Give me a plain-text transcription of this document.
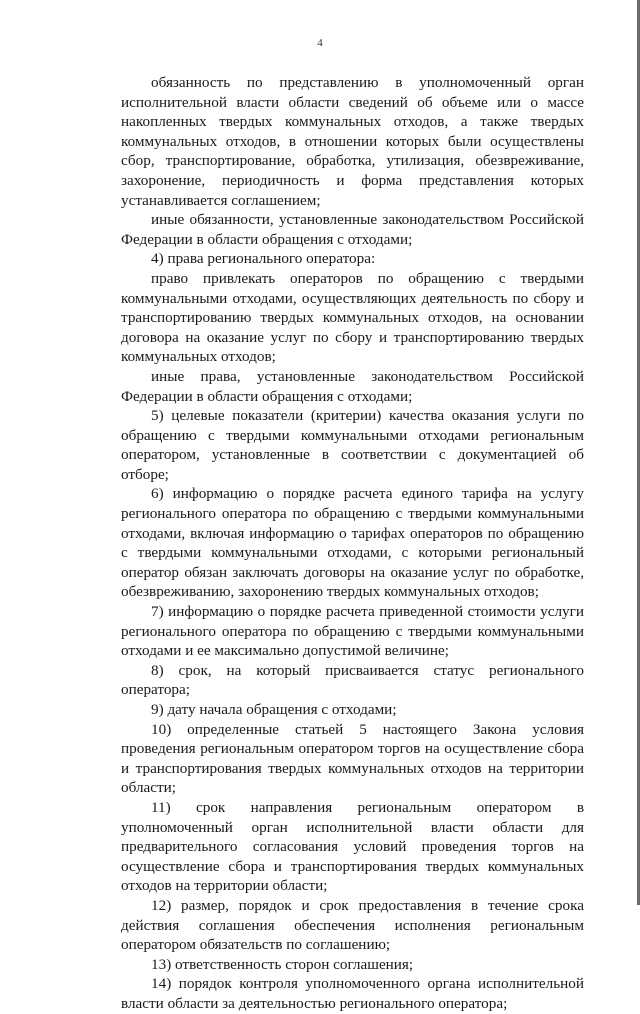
4

обязанность по представлению в уполномоченный орган исполнительной власти области сведений об объеме или о массе накопленных твердых коммунальных отходов, а также твердых коммунальных отходов, в отношении которых были осуществлены сбор, транспортирование, обработка, утилизация, обезвреживание, захоронение, периодичность и форма представления которых устанавливается соглашением;

иные обязанности, установленные законодательством Российской Федерации в области обращения с отходами;

4) права регионального оператора:

право привлекать операторов по обращению с твердыми коммунальными отходами, осуществляющих деятельность по сбору и транспортированию твердых коммунальных отходов, на основании договора на оказание услуг по сбору и транспортированию твердых коммунальных отходов;

иные права, установленные законодательством Российской Федерации в области обращения с отходами;

5) целевые показатели (критерии) качества оказания услуги по обращению с твердыми коммунальными отходами региональным оператором, установленные в соответствии с документацией об отборе;

6) информацию о порядке расчета единого тарифа на услугу регионального оператора по обращению с твердыми коммунальными отходами, включая информацию о тарифах операторов по обращению с твердыми коммунальными отходами, с которыми региональный оператор обязан заключать договоры на оказание услуг по обработке, обезвреживанию, захоронению твердых коммунальных отходов;

7) информацию о порядке расчета приведенной стоимости услуги регионального оператора по обращению с твердыми коммунальными отходами и ее максимально допустимой величине;

8) срок, на который присваивается статус регионального оператора;

9) дату начала обращения с отходами;

10) определенные статьей 5 настоящего Закона условия проведения региональным оператором торгов на осуществление сбора и транспортирования твердых коммунальных отходов на территории области;

11) срок направления региональным оператором в уполномоченный орган исполнительной власти области для предварительного согласования условий проведения торгов на осуществление сбора и транспортирования твердых коммунальных отходов на территории области;

12) размер, порядок и срок предоставления в течение срока действия соглашения обеспечения исполнения региональным оператором обязательств по соглашению;

13) ответственность сторон соглашения;

14) порядок контроля уполномоченного органа исполнительной власти области за деятельностью регионального оператора;
